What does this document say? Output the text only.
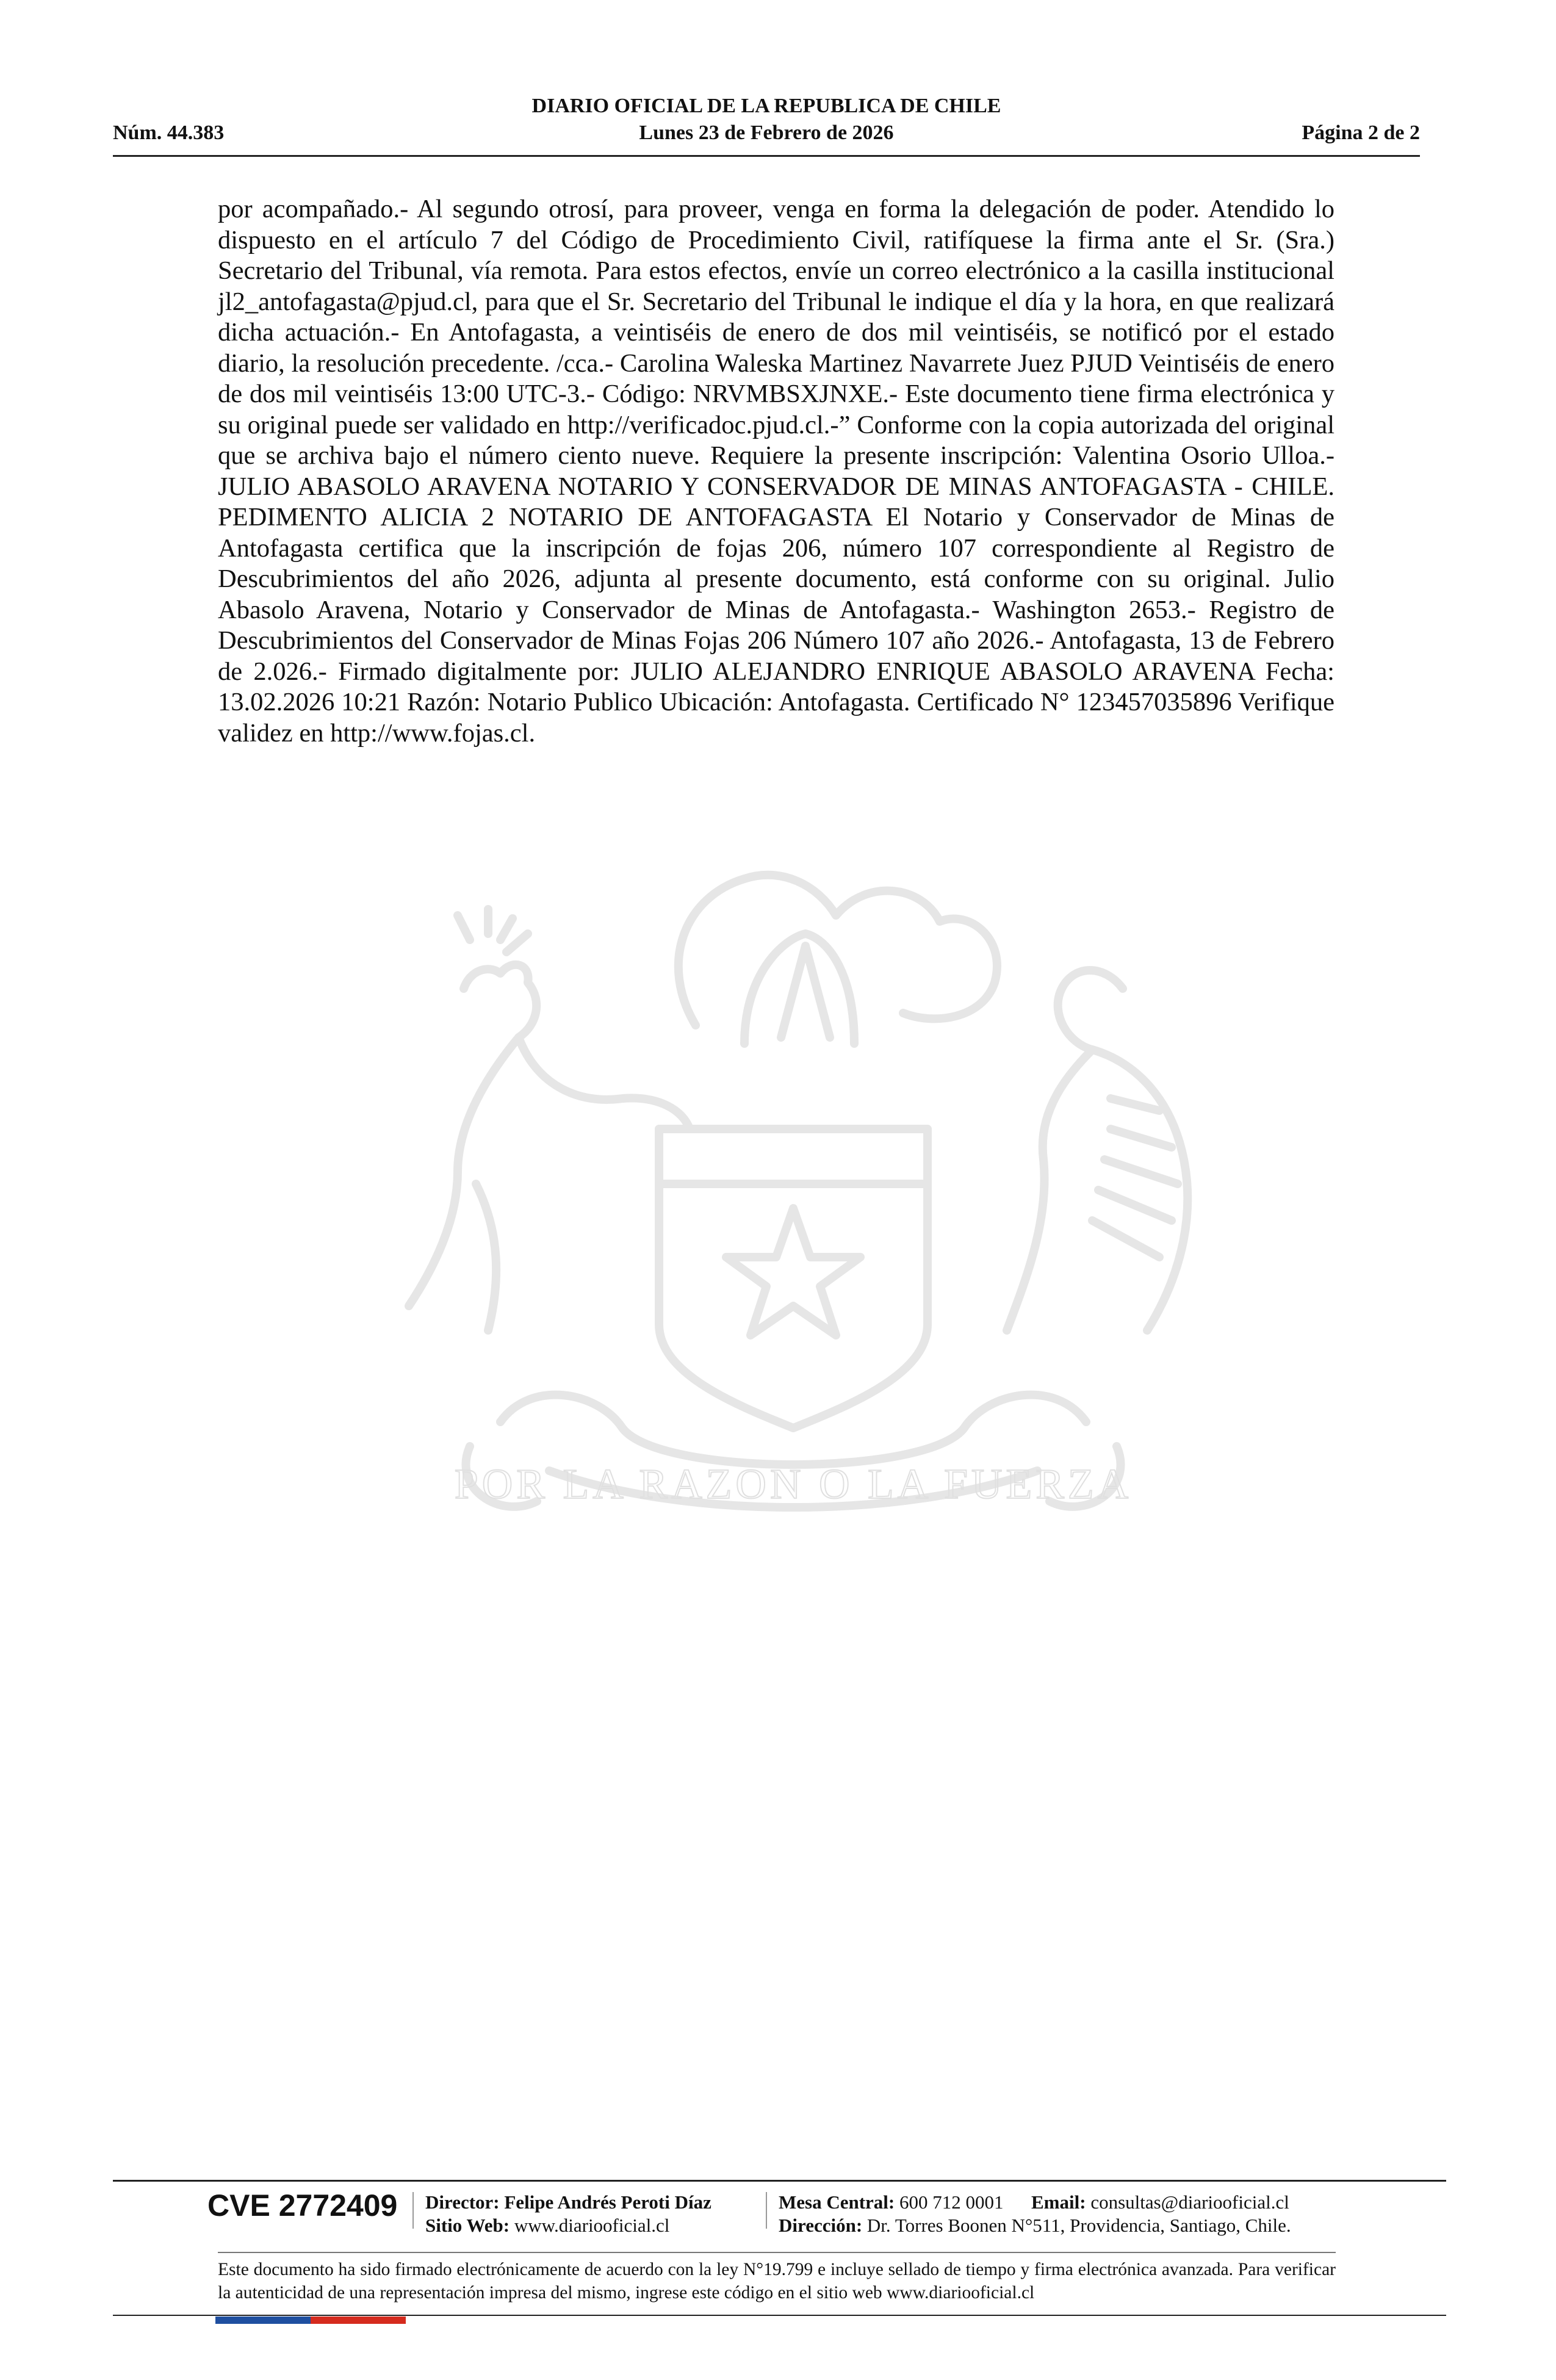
DIARIO OFICIAL DE LA REPUBLICA DE CHILE
Núm. 44.383	Lunes 23 de Febrero de 2026	Página 2 de 2
por acompañado.- Al segundo otrosí, para proveer, venga en forma la delegación de poder. Atendido lo dispuesto en el artículo 7 del Código de Procedimiento Civil, ratifíquese la firma ante el Sr. (Sra.) Secretario del Tribunal, vía remota. Para estos efectos, envíe un correo electrónico a la casilla institucional jl2_antofagasta@pjud.cl, para que el Sr. Secretario del Tribunal le indique el día y la hora, en que realizará dicha actuación.- En Antofagasta, a veintiséis de enero de dos mil veintiséis, se notificó por el estado diario, la resolución precedente. /cca.- Carolina Waleska Martinez Navarrete Juez PJUD Veintiséis de enero de dos mil veintiséis 13:00 UTC-3.- Código: NRVMBSXJNXE.- Este documento tiene firma electrónica y su original puede ser validado en http://verificadoc.pjud.cl.-” Conforme con la copia autorizada del original que se archiva bajo el número ciento nueve. Requiere la presente inscripción: Valentina Osorio Ulloa.- JULIO ABASOLO ARAVENA NOTARIO Y CONSERVADOR DE MINAS ANTOFAGASTA - CHILE. PEDIMENTO ALICIA 2 NOTARIO DE ANTOFAGASTA El Notario y Conservador de Minas de Antofagasta certifica que la inscripción de fojas 206, número 107 correspondiente al Registro de Descubrimientos del año 2026, adjunta al presente documento, está conforme con su original. Julio Abasolo Aravena, Notario y Conservador de Minas de Antofagasta.- Washington 2653.- Registro de Descubrimientos del Conservador de Minas Fojas 206 Número 107 año 2026.- Antofagasta, 13 de Febrero de 2.026.- Firmado digitalmente por: JULIO ALEJANDRO ENRIQUE ABASOLO ARAVENA Fecha: 13.02.2026 10:21 Razón: Notario Publico Ubicación: Antofagasta. Certificado N° 123457035896 Verifique validez en http://www.fojas.cl.
POR LA RAZON O LA FUERZA
CVE 2772409 Director: Felipe Andrés Peroti Díaz
Sitio Web: www.diariooficial.cl
Mesa Central: 600 712 0001 Email: consultas@diariooficial.cl
Dirección: Dr. Torres Boonen N°511, Providencia, Santiago, Chile.
Este documento ha sido firmado electrónicamente de acuerdo con la ley N°19.799 e incluye sellado de tiempo y firma electrónica avanzada. Para verificar la autenticidad de una representación impresa del mismo, ingrese este código en el sitio web www.diariooficial.cl
